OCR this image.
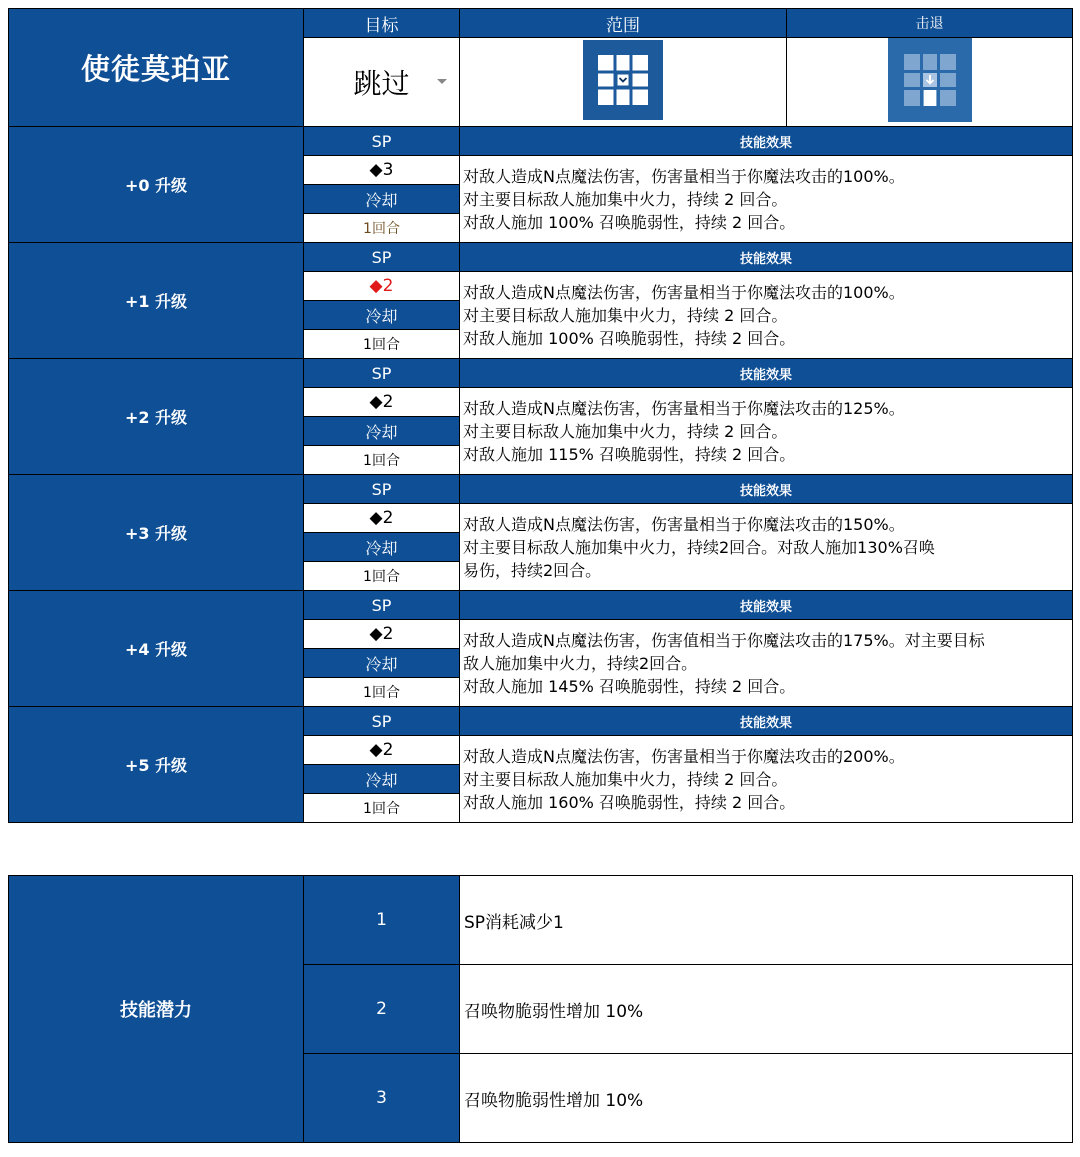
使徒莫珀亚	目标	范围	击退
	跳过

+0 升级	SP	技能效果	
	◆3	对敌人造成N点魔法伤害，伤害量相当于你魔法攻击的100%。
对主要目标敌人施加集中火力，持续 2 回合。
对敌人施加 100% 召唤脆弱性，持续 2 回合。	

	冷却		
	1回合		
+1 升级	SP	技能效果	
	◆2	对敌人造成N点魔法伤害，伤害量相当于你魔法攻击的100%。
对主要目标敌人施加集中火力，持续 2 回合。
对敌人施加 100% 召唤脆弱性，持续 2 回合。	

	冷却		
	1回合		
+2 升级	SP	技能效果	
	◆2	对敌人造成N点魔法伤害，伤害量相当于你魔法攻击的125%。
对主要目标敌人施加集中火力，持续 2 回合。
对敌人施加 115% 召唤脆弱性，持续 2 回合。	

	冷却		
	1回合		
+3 升级	SP	技能效果	
	◆2	对敌人造成N点魔法伤害，伤害量相当于你魔法攻击的150%。
对主要目标敌人施加集中火力，持续2回合。对敌人施加130%召唤
易伤，持续2回合。	

	冷却		
	1回合		
+4 升级	SP	技能效果	
	◆2	对敌人造成N点魔法伤害，伤害值相当于你魔法攻击的175%。对主要目标
敌人施加集中火力，持续2回合。
对敌人施加 145% 召唤脆弱性，持续 2 回合。	

	冷却		
	1回合		
+5 升级	SP	技能效果	
	◆2	对敌人造成N点魔法伤害，伤害量相当于你魔法攻击的200%。
对主要目标敌人施加集中火力，持续 2 回合。
对敌人施加 160% 召唤脆弱性，持续 2 回合。	

	冷却		
	1回合		
技能潜力	1	SP消耗减少1
	2	召唤物脆弱性增加 10%
	3	召唤物脆弱性增加 10%
